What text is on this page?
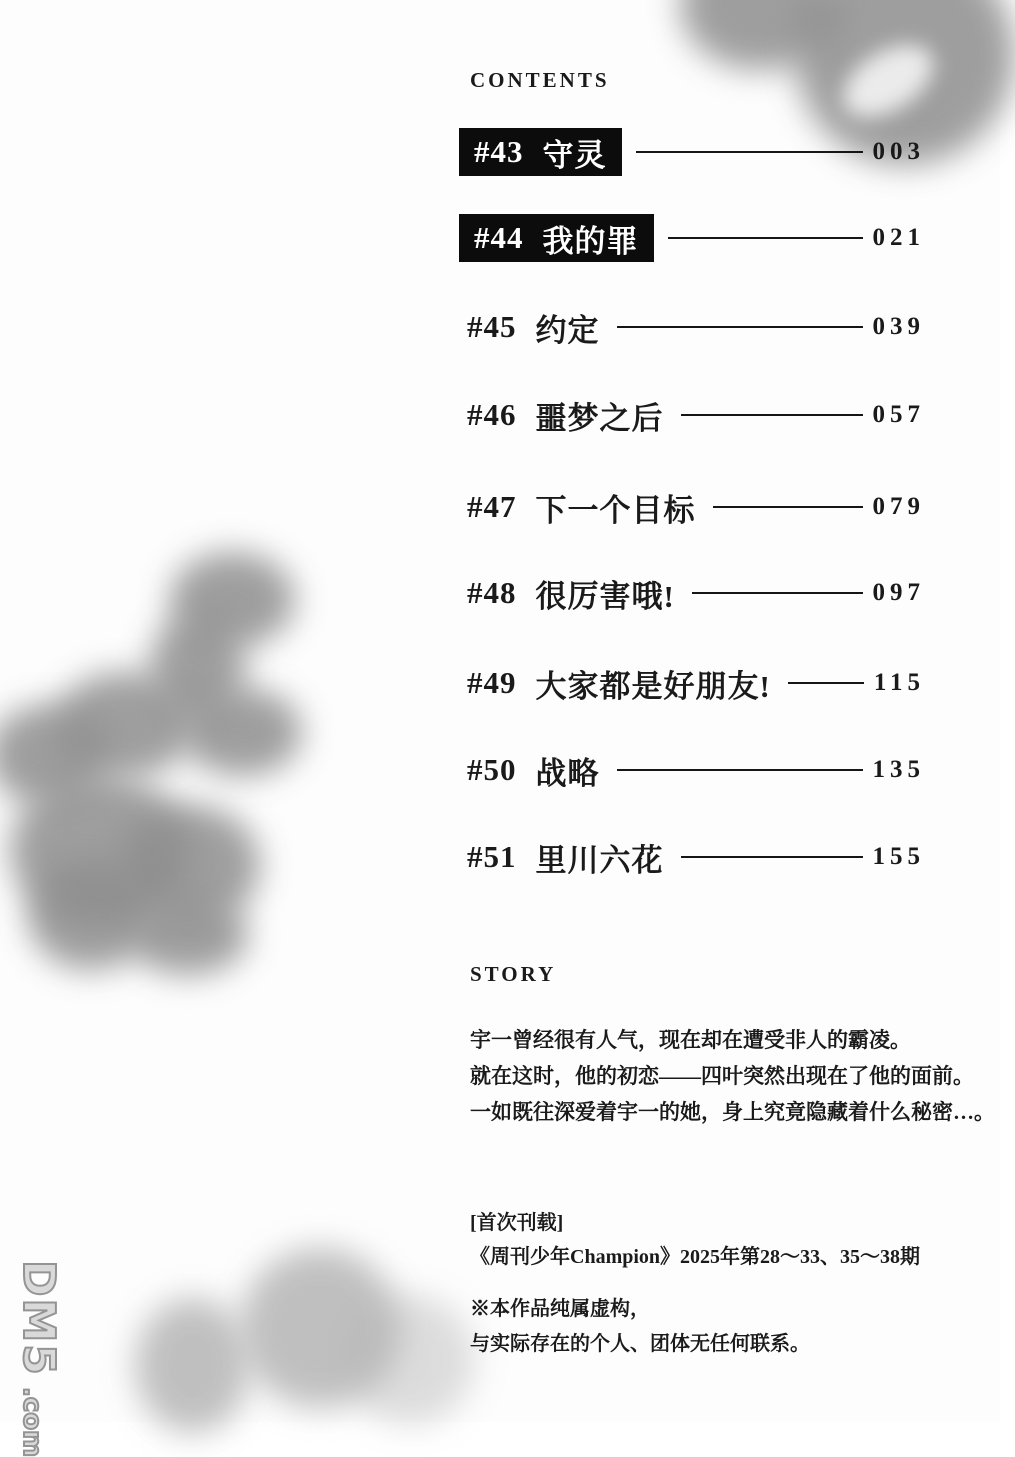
CONTENTS
#43 守灵	003
#44 我的罪	021
#45 约定	039
#46 噩梦之后	057
#47 下一个目标	079
#48 很厉害哦!	097
#49 大家都是好朋友!	115
#50 战略	135
#51 里川六花	155
STORY

宇一曾经很有人气，现在却在遭受非人的霸凌。

就在这时，他的初恋——四叶突然出现在了他的面前。

一如既往深爱着宇一的她，身上究竟隐藏着什么秘密…。

[首次刊载]

《周刊少年Champion》2025年第28～33、35～38期

※本作品纯属虚构，

与实际存在的个人、团体无任何联系。

DM5
.com
